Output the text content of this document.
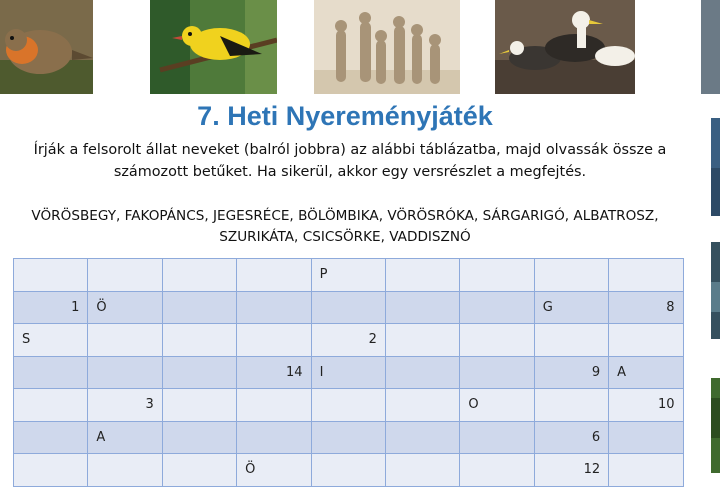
7. Heti Nyereményjáték
Írják a felsorolt állat neveket (balról jobbra) az alábbi táblázatba, majd olvassák össze a
számozott betűket. Ha sikerül, akkor egy versrészlet a megfejtés.
VÖRÖSBEGY, FAKOPÁNCS, JEGESRÉCE, BÖLÖMBIKA, VÖRÖSRÓKA, SÁRGARIGÓ, ALBATROSZ,
SZURIKÁTA, CSICSÖRKE, VADDISZNÓ
				P				
1	Ö						G	8
S				2				
			14	I			9	A
	3					O		10
	A						6	
			Ö				12	
